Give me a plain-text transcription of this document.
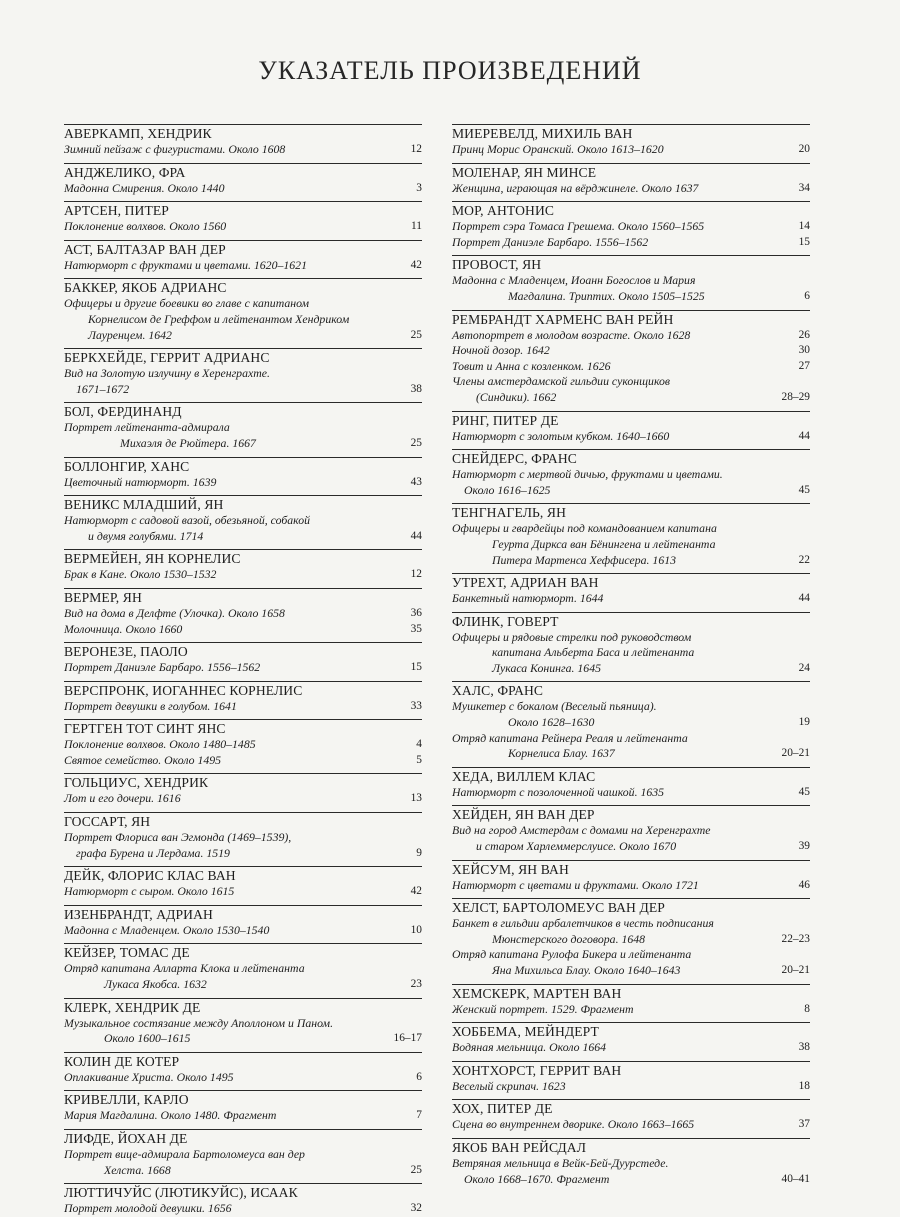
УКАЗАТЕЛЬ ПРОИЗВЕДЕНИЙ
АВЕРКАМП, ХЕНДРИК
Зимний пейзаж с фигуристами. Около 1608	12
АНДЖЕЛИКО, ФРА
Мадонна Смирения. Около 1440	3
АРТСЕН, ПИТЕР
Поклонение волхвов. Около 1560	11
АСТ, БАЛТАЗАР ВАН ДЕР
Натюрморт с фруктами и цветами. 1620–1621	42
БАККЕР, ЯКОБ АДРИАНС
Офицеры и другие боевики во главе с капитаном
Корнелисом де Греффом и лейтенантом Хендриком
Лауренцем. 1642	25
БЕРКХЕЙДЕ, ГЕРРИТ АДРИАНС
Вид на Золотую излучину в Херенграхте.
1671–1672	38
БОЛ, ФЕРДИНАНД
Портрет лейтенанта-адмирала
Михаэля де Рюйтера. 1667	25
БОЛЛОНГИР, ХАНС
Цветочный натюрморт. 1639	43
ВЕНИКС МЛАДШИЙ, ЯН
Натюрморт с садовой вазой, обезьяной, собакой
и двумя голубями. 1714	44
ВЕРМЕЙЕН, ЯН КОРНЕЛИС
Брак в Кане. Около 1530–1532	12
ВЕРМЕР, ЯН
Вид на дома в Делфте (Улочка). Около 1658	36
Молочница. Около 1660	35
ВЕРОНЕЗЕ, ПАОЛО
Портрет Даниэле Барбаро. 1556–1562	15
ВЕРСПРОНК, ИОГАННЕС КОРНЕЛИС
Портрет девушки в голубом. 1641	33
ГЕРТГЕН ТОТ СИНТ ЯНС
Поклонение волхвов. Около 1480–1485	4
Святое семейство. Около 1495	5
ГОЛЬЦИУС, ХЕНДРИК
Лот и его дочери. 1616	13
ГОССАРТ, ЯН
Портрет Флориса ван Эгмонда (1469–1539),
графа Бурена и Лердама. 1519	9
ДЕЙК, ФЛОРИС КЛАС ВАН
Натюрморт с сыром. Около 1615	42
ИЗЕНБРАНДТ, АДРИАН
Мадонна с Младенцем. Около 1530–1540	10
КЕЙЗЕР, ТОМАС ДЕ
Отряд капитана Алларта Клока и лейтенанта
Лукаса Якобса. 1632	23
КЛЕРК, ХЕНДРИК ДЕ
Музыкальное состязание между Аполлоном и Паном.
Около 1600–1615	16–17
КОЛИН ДЕ КОТЕР
Оплакивание Христа. Около 1495	6
КРИВЕЛЛИ, КАРЛО
Мария Магдалина. Около 1480. Фрагмент	7
ЛИФДЕ, ЙОХАН ДЕ
Портрет вице-адмирала Бартоломеуса ван дер
Хелста. 1668	25
ЛЮТТИЧУЙС (ЛЮТИКУЙС), ИСААК
Портрет молодой девушки. 1656	32
МИЕРЕВЕЛД, МИХИЛЬ ВАН
Принц Морис Оранский. Около 1613–1620	20
МОЛЕНАР, ЯН МИНСЕ
Женщина, играющая на вёрджинеле. Около 1637	34
МОР, АНТОНИС
Портрет сэра Томаса Грешема. Около 1560–1565	14
Портрет Даниэле Барбаро. 1556–1562	15
ПРОВОСТ, ЯН
Мадонна с Младенцем, Иоанн Богослов и Мария
Магдалина. Триптих. Около 1505–1525	6
РЕМБРАНДТ ХАРМЕНС ВАН РЕЙН
Автопортрет в молодом возрасте. Около 1628	26
Ночной дозор. 1642	30
Товит и Анна с козленком. 1626	27
Члены амстердамской гильдии суконщиков
(Синдики). 1662	28–29
РИНГ, ПИТЕР ДЕ
Натюрморт с золотым кубком. 1640–1660	44
СНЕЙДЕРС, ФРАНС
Натюрморт с мертвой дичью, фруктами и цветами.
Около 1616–1625	45
ТЕНГНАГЕЛЬ, ЯН
Офицеры и гвардейцы под командованием капитана
Геурта Диркса ван Бёнингена и лейтенанта
Питера Мартенса Хеффисера. 1613	22
УТРЕХТ, АДРИАН ВАН
Банкетный натюрморт. 1644	44
ФЛИНК, ГОВЕРТ
Офицеры и рядовые стрелки под руководством
капитана Альберта Баса и лейтенанта
Лукаса Конинга. 1645	24
ХАЛС, ФРАНС
Мушкетер с бокалом (Веселый пьяница).
Около 1628–1630	19
Отряд капитана Рейнера Реаля и лейтенанта
Корнелиса Блау. 1637	20–21
ХЕДА, ВИЛЛЕМ КЛАС
Натюрморт с позолоченной чашкой. 1635	45
ХЕЙДЕН, ЯН ВАН ДЕР
Вид на город Амстердам с домами на Херенграхте
и старом Харлеммерслуисе. Около 1670	39
ХЕЙСУМ, ЯН ВАН
Натюрморт с цветами и фруктами. Около 1721	46
ХЕЛСТ, БАРТОЛОМЕУС ВАН ДЕР
Банкет в гильдии арбалетчиков в честь подписания
Мюнстерского договора. 1648	22–23
Отряд капитана Рулофа Бикера и лейтенанта
Яна Михильса Блау. Около 1640–1643	20–21
ХЕМСКЕРК, МАРТЕН ВАН
Женский портрет. 1529. Фрагмент	8
ХОББЕМА, МЕЙНДЕРТ
Водяная мельница. Около 1664	38
ХОНТХОРСТ, ГЕРРИТ ВАН
Веселый скрипач. 1623	18
ХОХ, ПИТЕР ДЕ
Сцена во внутреннем дворике. Около 1663–1665	37
ЯКОБ ВАН РЕЙСДАЛ
Ветряная мельница в Вейк-Бей-Дуурстеде.
Около 1668–1670. Фрагмент	40–41
